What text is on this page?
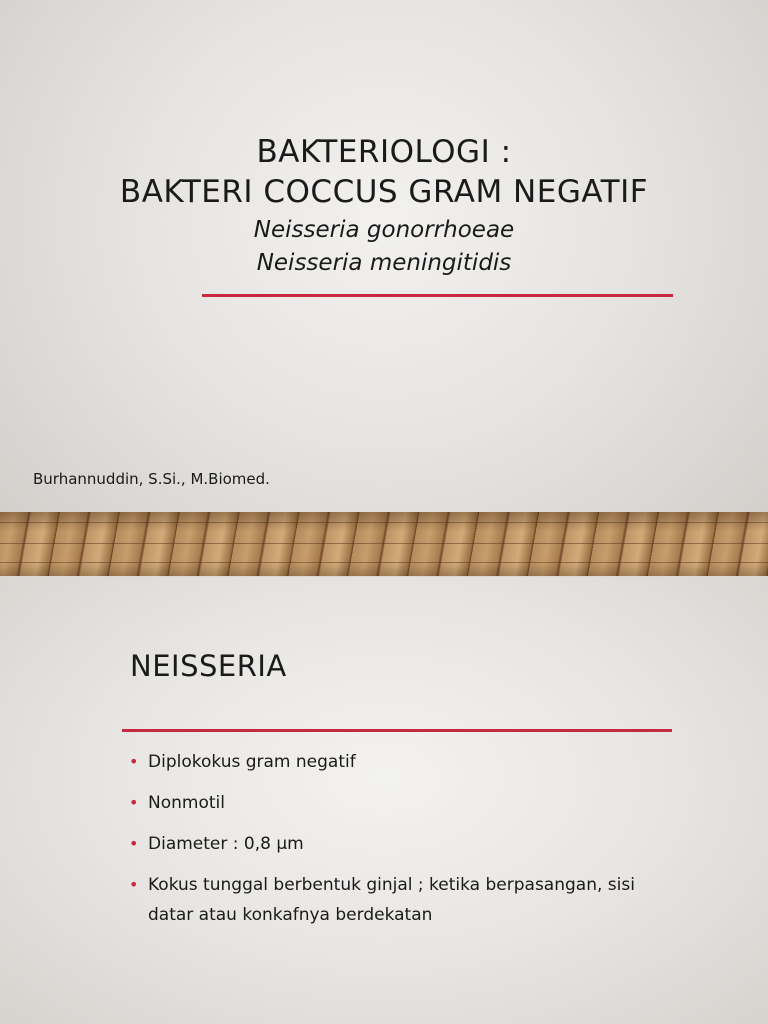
BAKTERIOLOGI :
BAKTERI COCCUS GRAM NEGATIF
Neisseria gonorrhoeae
Neisseria meningitidis
Burhannuddin, S.Si., M.Biomed.
NEISSERIA
• Diplokokus gram negatif
• Nonmotil
• Diameter : 0,8 µm
• Kokus tunggal berbentuk ginjal ; ketika berpasangan, sisi datar atau konkafnya berdekatan
